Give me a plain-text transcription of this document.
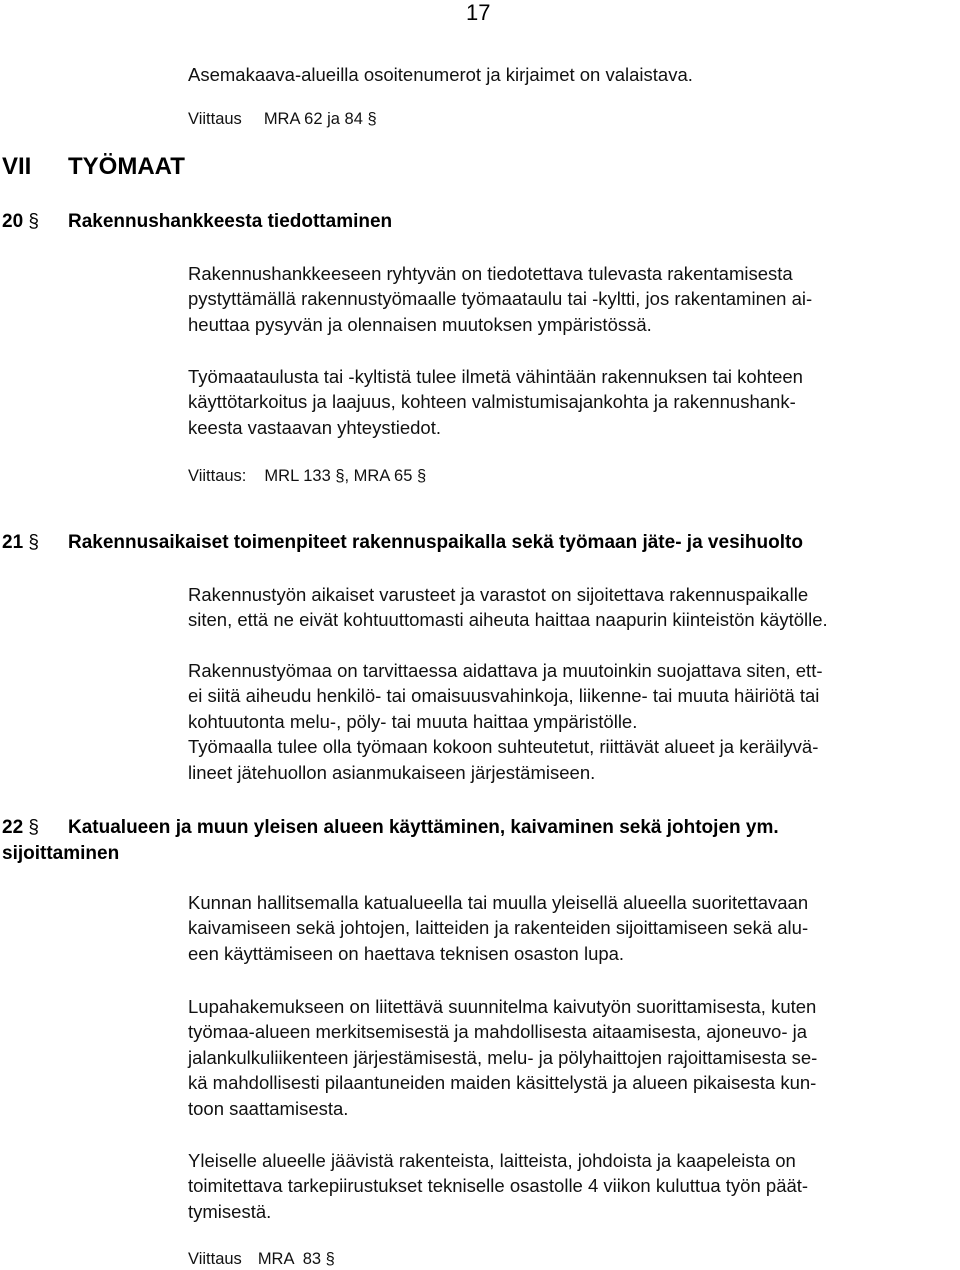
17
Asemakaava-alueilla osoitenumerot ja kirjaimet on valaistava.
Viittaus MRA 62 ja 84 §
VII TYÖMAAT
20 § Rakennushankkeesta tiedottaminen
Rakennushankkeeseen ryhtyvän on tiedotettava tulevasta rakentamisesta
pystyttämällä rakennustyömaalle työmaataulu tai -kyltti, jos rakentaminen ai-
heuttaa pysyvän ja olennaisen muutoksen ympäristössä.
Työmaataulusta tai -kyltistä tulee ilmetä vähintään rakennuksen tai kohteen
käyttötarkoitus ja laajuus, kohteen valmistumisajankohta ja rakennushank-
keesta vastaavan yhteystiedot.
Viittaus: MRL 133 §, MRA 65 §
21 § Rakennusaikaiset toimenpiteet rakennuspaikalla sekä työmaan jäte- ja vesihuolto
Rakennustyön aikaiset varusteet ja varastot on sijoitettava rakennuspaikalle
siten, että ne eivät kohtuuttomasti aiheuta haittaa naapurin kiinteistön käytölle.
Rakennustyömaa on tarvittaessa aidattava ja muutoinkin suojattava siten, ett-
ei siitä aiheudu henkilö- tai omaisuusvahinkoja, liikenne- tai muuta häiriötä tai
kohtuutonta melu-, pöly- tai muuta haittaa ympäristölle.
Työmaalla tulee olla työmaan kokoon suhteutetut, riittävät alueet ja keräilyvä-
lineet jätehuollon asianmukaiseen järjestämiseen.
22 § Katualueen ja muun yleisen alueen käyttäminen, kaivaminen sekä johtojen ym.
sijoittaminen
Kunnan hallitsemalla katualueella tai muulla yleisellä alueella suoritettavaan
kaivamiseen sekä johtojen, laitteiden ja rakenteiden sijoittamiseen sekä alu-
een käyttämiseen on haettava teknisen osaston lupa.
Lupahakemukseen on liitettävä suunnitelma kaivutyön suorittamisesta, kuten
työmaa-alueen merkitsemisestä ja mahdollisesta aitaamisesta, ajoneuvo- ja
jalankulkuliikenteen järjestämisestä, melu- ja pölyhaittojen rajoittamisesta se-
kä mahdollisesti pilaantuneiden maiden käsittelystä ja alueen pikaisesta kun-
toon saattamisesta.
Yleiselle alueelle jäävistä rakenteista, laitteista, johdoista ja kaapeleista on
toimitettava tarkepiirustukset tekniselle osastolle 4 viikon kuluttua työn päät-
tymisestä.
Viittaus MRA  83 §
